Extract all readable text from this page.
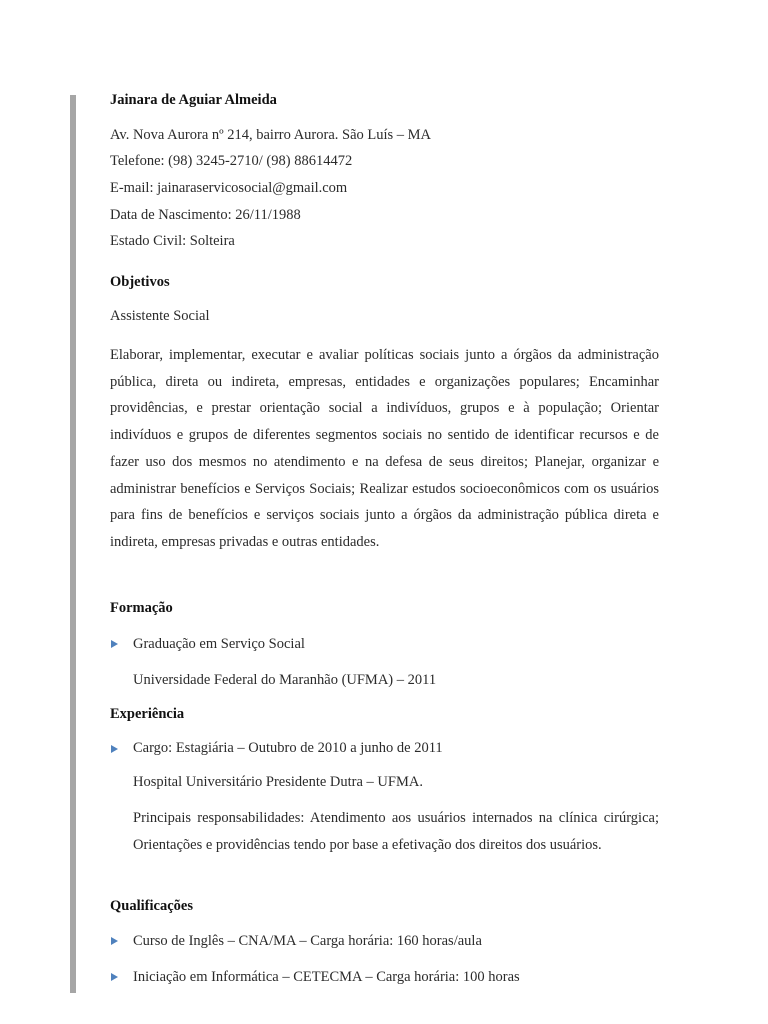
Jainara de Aguiar Almeida
Av. Nova Aurora nº 214, bairro Aurora. São Luís – MA
Telefone: (98) 3245-2710/ (98) 88614472
E-mail: jainaraservicosocial@gmail.com
Data de Nascimento: 26/11/1988
Estado Civil: Solteira
Objetivos
Assistente Social

Elaborar, implementar, executar e avaliar políticas sociais junto a órgãos da administração pública, direta ou indireta, empresas, entidades e organizações populares; Encaminhar providências, e prestar orientação social a indivíduos, grupos e à população; Orientar indivíduos e grupos de diferentes segmentos sociais no sentido de identificar recursos e de fazer uso dos mesmos no atendimento e na defesa de seus direitos; Planejar, organizar e administrar benefícios e Serviços Sociais; Realizar estudos socioeconômicos com os usuários para fins de benefícios e serviços sociais junto a órgãos da administração pública direta e indireta, empresas privadas e outras entidades.

Formação
Graduação em Serviço Social
Universidade Federal do Maranhão (UFMA) – 2011
Experiência
Cargo: Estagiária – Outubro de 2010 a junho de 2011
Hospital Universitário Presidente Dutra – UFMA.

Principais responsabilidades: Atendimento aos usuários internados na clínica cirúrgica; Orientações e providências tendo por base a efetivação dos direitos dos usuários.

Qualificações
Curso de Inglês – CNA/MA – Carga horária: 160 horas/aula
Iniciação em Informática – CETECMA – Carga horária: 100 horas
